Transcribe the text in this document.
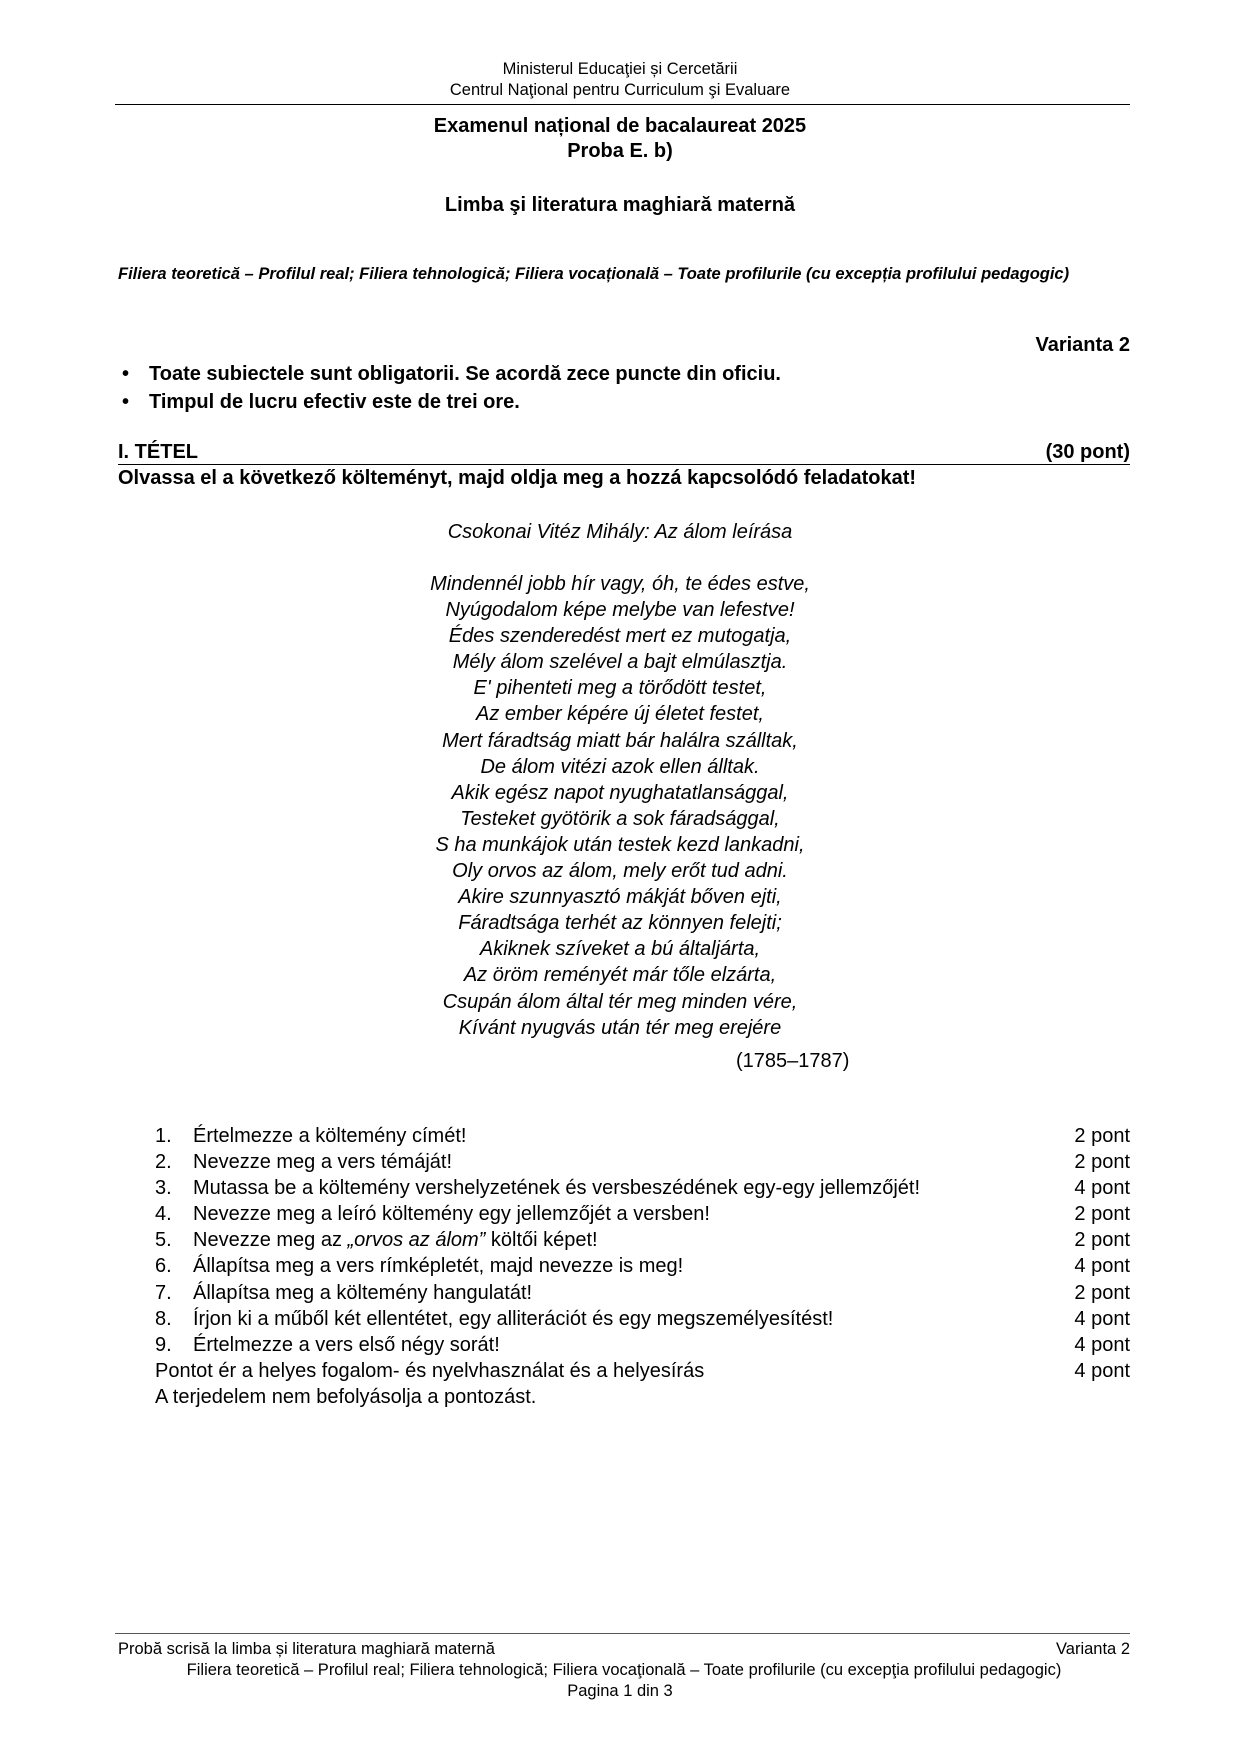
Ministerul Educaţiei și Cercetării
Centrul Naţional pentru Curriculum şi Evaluare
Examenul național de bacalaureat 2025
Proba E. b)
Limba şi literatura maghiară maternă
Filiera teoretică – Profilul real; Filiera tehnologică; Filiera vocațională – Toate profilurile (cu excepția profilului pedagogic)
Varianta 2
• Toate subiectele sunt obligatorii. Se acordă zece puncte din oficiu.
• Timpul de lucru efectiv este de trei ore.
I. TÉTEL	(30 pont)
Olvassa el a következő költeményt, majd oldja meg a hozzá kapcsolódó feladatokat!
Csokonai Vitéz Mihály: Az álom leírása
Mindennél jobb hír vagy, óh, te édes estve,
Nyúgodalom képe melybe van lefestve!
Édes szenderedést mert ez mutogatja,
Mély álom szelével a bajt elmúlasztja.
E' pihenteti meg a törődött testet,
Az ember képére új életet festet,
Mert fáradtság miatt bár halálra szálltak,
De álom vitézi azok ellen álltak.
Akik egész napot nyughatatlansággal,
Testeket gyötörik a sok fáradsággal,
S ha munkájok után testek kezd lankadni,
Oly orvos az álom, mely erőt tud adni.
Akire szunnyasztó mákját bőven ejti,
Fáradtsága terhét az könnyen felejti;
Akiknek szíveket a bú általjárta,
Az öröm reményét már tőle elzárta,
Csupán álom által tér meg minden vére,
Kívánt nyugvás után tér meg erejére
(1785–1787)
1. Értelmezze a költemény címét!	2 pont
2. Nevezze meg a vers témáját!	2 pont
3. Mutassa be a költemény vershelyzetének és versbeszédének egy-egy jellemzőjét!	4 pont
4. Nevezze meg a leíró költemény egy jellemzőjét a versben!	2 pont
5. Nevezze meg az „orvos az álom” költői képet!	2 pont
6. Állapítsa meg a vers rímképletét, majd nevezze is meg!	4 pont
7. Állapítsa meg a költemény hangulatát!	2 pont
8. Írjon ki a műből két ellentétet, egy alliterációt és egy megszemélyesítést!	4 pont
9. Értelmezze a vers első négy sorát!	4 pont
Pontot ér a helyes fogalom- és nyelvhasználat és a helyesírás	4 pont
A terjedelem nem befolyásolja a pontozást.
Probă scrisă la limba și literatura maghiară maternă	Varianta 2
Filiera teoretică – Profilul real; Filiera tehnologică; Filiera vocaţională – Toate profilurile (cu excepţia profilului pedagogic)
Pagina 1 din 3
